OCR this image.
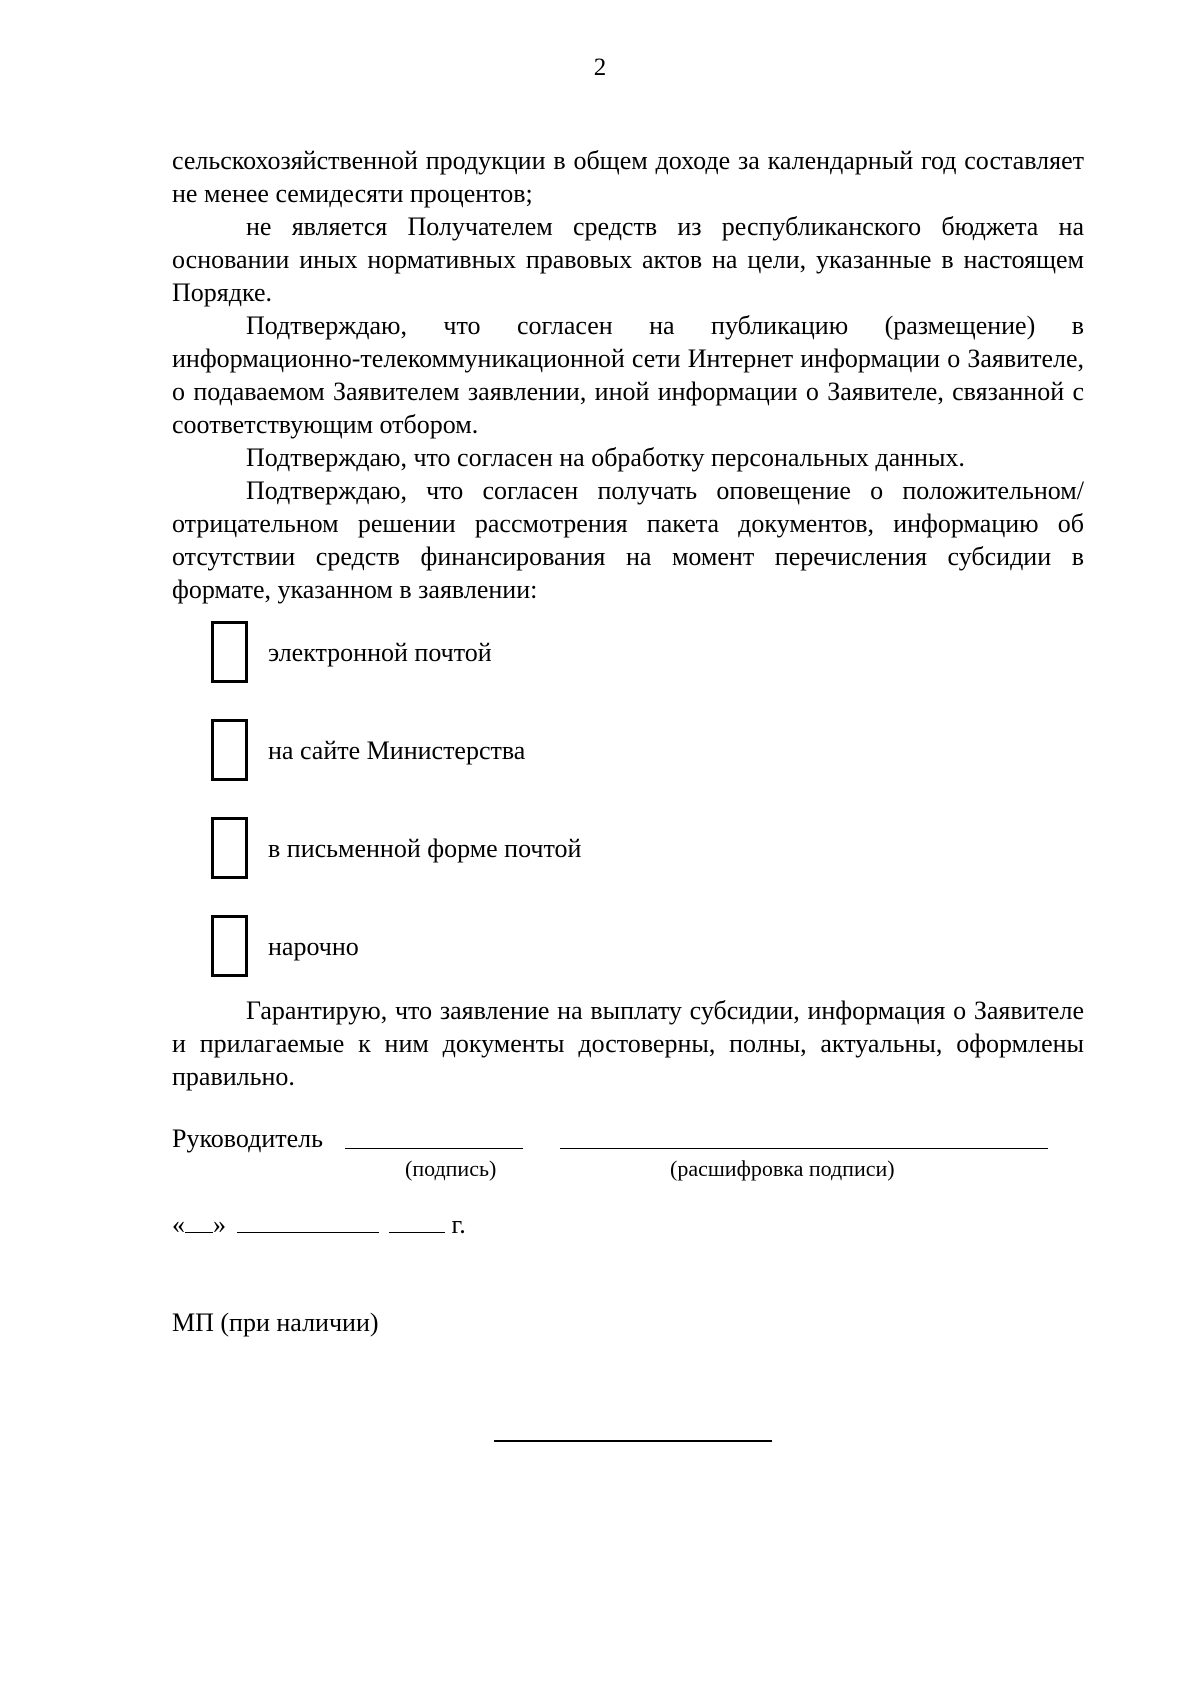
2

сельскохозяйственной продукции в общем доходе за календарный год составляет не менее семидесяти процентов;

не является Получателем средств из республиканского бюджета на основании иных нормативных правовых актов на цели, указанные в настоящем Порядке.

Подтверждаю, что согласен на публикацию (размещение) в информационно-телекоммуникационной сети Интернет информации о Заявителе, о подаваемом Заявителем заявлении, иной информации о Заявителе, связанной с соответствующим отбором.

Подтверждаю, что согласен на обработку персональных данных.

Подтверждаю, что согласен получать оповещение о положительном/отрицательном решении рассмотрения пакета документов, информацию об отсутствии средств финансирования на момент перечисления субсидии в формате, указанном в заявлении:

электронной почтой
на сайте Министерства
в письменной форме почтой
нарочно

Гарантирую, что заявление на выплату субсидии, информация о Заявителе и прилагаемые к ним документы достоверны, полны, актуальны, оформлены правильно.

Руководитель
(подпись)	(расшифровка подписи)
« »	г.
МП (при наличии)
